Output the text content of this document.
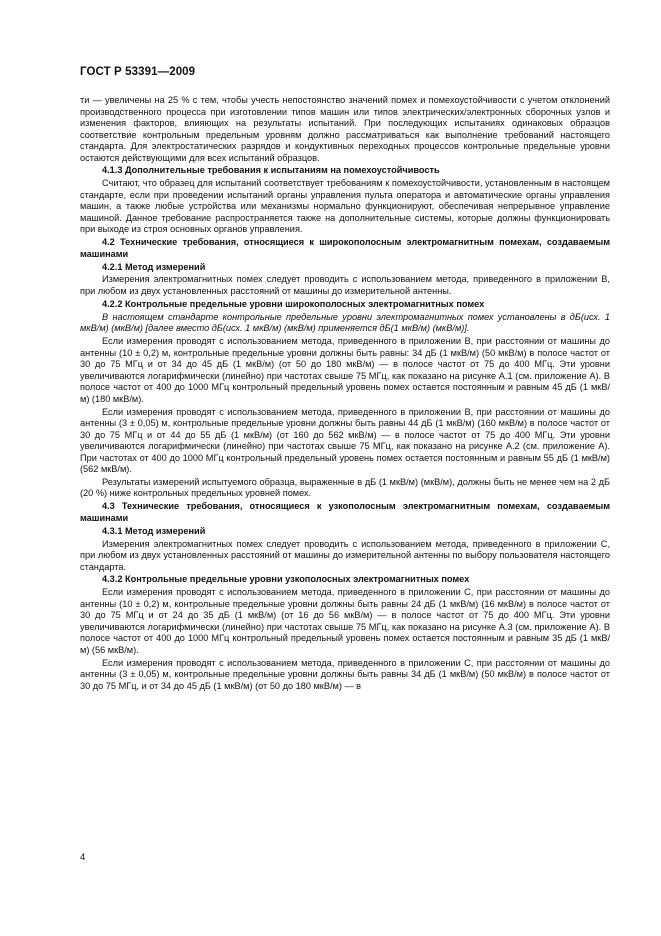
ГОСТ Р 53391—2009

ти — увеличены на 25 % с тем, чтобы учесть непостоянство значений помех и помехоустойчивости с учетом отклонений производственного процесса при изготовлении типов машин или типов электрических/электронных сборочных узлов и изменения факторов, влияющих на результаты испытаний. При последующих испытаниях одинаковых образцов соответствие контрольным предельным уровням должно рассматриваться как выполнение требований настоящего стандарта. Для электростатических разрядов и кондуктивных переходных процессов контрольные предельные уровни остаются действующими для всех испытаний образцов.

4.1.3 Дополнительные требования к испытаниям на помехоустойчивость

Считают, что образец для испытаний соответствует требованиям к помехоустойчивости, установленным в настоящем стандарте, если при проведении испытаний органы управления пульта оператора и автоматические органы управления машин, а также любые устройства или механизмы нормально функционируют, обеспечивая непрерывное управление машиной. Данное требование распространяется также на дополнительные системы, которые должны функционировать при выходе из строя основных органов управления.

4.2 Технические требования, относящиеся к широкополосным электромагнитным помехам, создаваемым машинами

4.2.1 Метод измерений

Измерения электромагнитных помех следует проводить с использованием метода, приведенного в приложении В, при любом из двух установленных расстояний от машины до измерительной антенны.

4.2.2 Контрольные предельные уровни широкополосных электромагнитных помех

В настоящем стандарте контрольные предельные уровни электромагнитных помех установлены в дБ(исх. 1 мкВ/м) (мкВ/м) [далее вместо дБ(исх. 1 мкВ/м) (мкВ/м) применяется дБ(1 мкВ/м) (мкВ/м)].

Если измерения проводят с использованием метода, приведенного в приложении В, при расстоянии от машины до антенны (10 ± 0,2) м, контрольные предельные уровни должны быть равны: 34 дБ (1 мкВ/м) (50 мкВ/м) в полосе частот от 30 до 75 МГц и от 34 до 45 дБ (1 мкВ/м) (от 50 до 180 мкВ/м) — в полосе частот от 75 до 400 МГц. Эти уровни увеличиваются логарифмически (линейно) при частотах свыше 75 МГц, как показано на рисунке А.1 (см. приложение А). В полосе частот от 400 до 1000 МГц контрольный предельный уровень помех остается постоянным и равным 45 дБ (1 мкВ/м) (180 мкВ/м).

Если измерения проводят с использованием метода, приведенного в приложении В, при расстоянии от машины до антенны (3 ± 0,05) м, контрольные предельные уровни должны быть равны 44 дБ (1 мкВ/м) (160 мкВ/м) в полосе частот от 30 до 75 МГц и от 44 до 55 дБ (1 мкВ/м) (от 160 до 562 мкВ/м) — в полосе частот от 75 до 400 МГц. Эти уровни увеличиваются логарифмически (линейно) при частотах свыше 75 МГц, как показано на рисунке А.2 (см. приложение А). При частотах от 400 до 1000 МГц контрольный предельный уровень помех остается постоянным и равным 55 дБ (1 мкВ/м) (562 мкВ/м).

Результаты измерений испытуемого образца, выраженные в дБ (1 мкВ/м) (мкВ/м), должны быть не менее чем на 2 дБ (20 %) ниже контрольных предельных уровней помех.

4.3 Технические требования, относящиеся к узкополосным электромагнитным помехам, создаваемым машинами

4.3.1 Метод измерений

Измерения электромагнитных помех следует проводить с использованием метода, приведенного в приложении С, при любом из двух установленных расстояний от машины до измерительной антенны по выбору пользователя настоящего стандарта.

4.3.2 Контрольные предельные уровни узкополосных электромагнитных помех

Если измерения проводят с использованием метода, приведенного в приложении С, при расстоянии от машины до антенны (10 ± 0,2) м, контрольные предельные уровни должны быть равны 24 дБ (1 мкВ/м) (16 мкВ/м) в полосе частот от 30 до 75 МГц и от 24 до 35 дБ (1 мкВ/м) (от 16 до 56 мкВ/м) — в полосе частот от 75 до 400 МГц. Эти уровни увеличиваются логарифмически (линейно) при частотах свыше 75 МГц, как показано на рисунке А.3 (см. приложение А). В полосе частот от 400 до 1000 МГц контрольный предельный уровень помех остается постоянным и равным 35 дБ (1 мкВ/м) (56 мкВ/м).

Если измерения проводят с использованием метода, приведенного в приложении С, при расстоянии от машины до антенны (3 ± 0,05) м, контрольные предельные уровни должны быть равны 34 дБ (1 мкВ/м) (50 мкВ/м) в полосе частот от 30 до 75 МГц, и от 34 до 45 дБ (1 мкВ/м) (от 50 до 180 мкВ/м) — в

4
